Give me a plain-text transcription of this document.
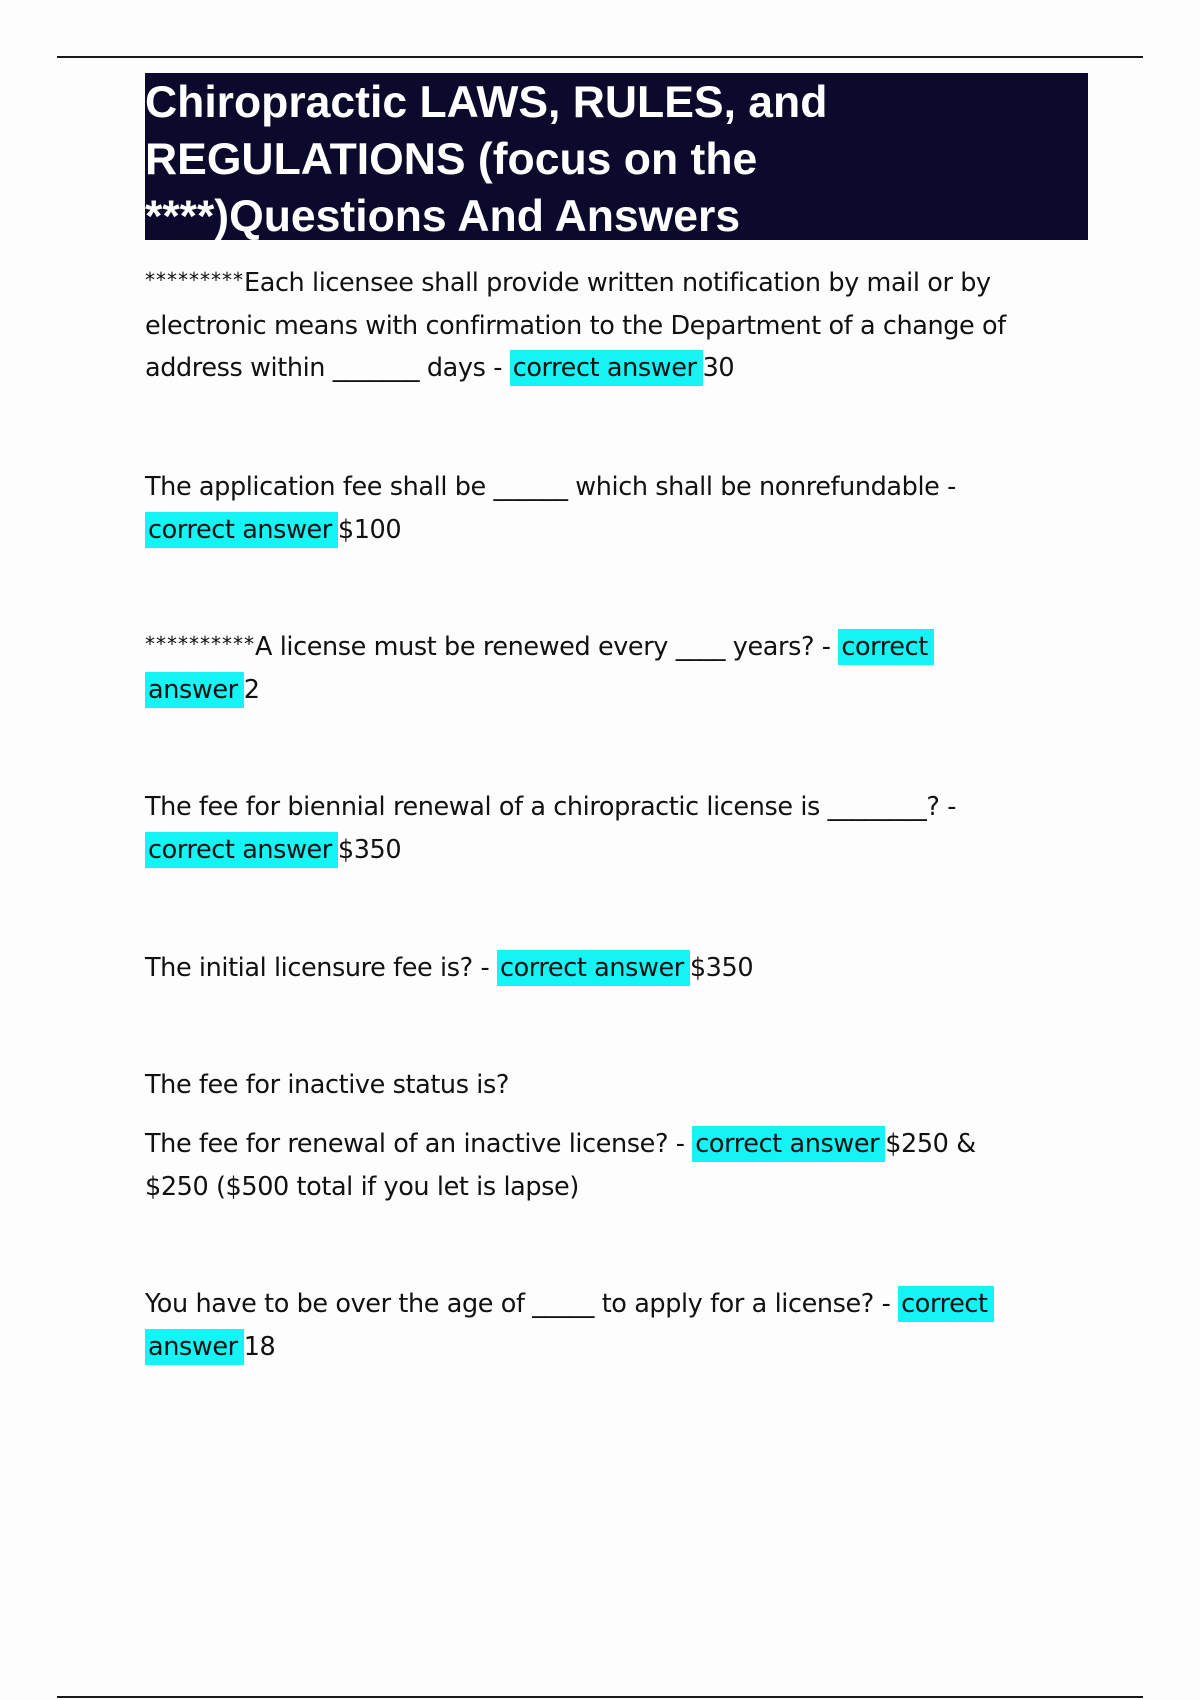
Chiropractic LAWS, RULES, and
REGULATIONS (focus on the
****)Questions And Answers
*********Each licensee shall provide written notification by mail or by
electronic means with confirmation to the Department of a change of
address within _______ days - correct answer 30
The application fee shall be ______ which shall be nonrefundable -
correct answer $100
**********A license must be renewed every ____ years? - correct
answer 2
The fee for biennial renewal of a chiropractic license is ________? -
correct answer $350
The initial licensure fee is? - correct answer $350
The fee for inactive status is?
The fee for renewal of an inactive license? - correct answer $250 &
$250 ($500 total if you let is lapse)
You have to be over the age of _____ to apply for a license? - correct
answer 18
